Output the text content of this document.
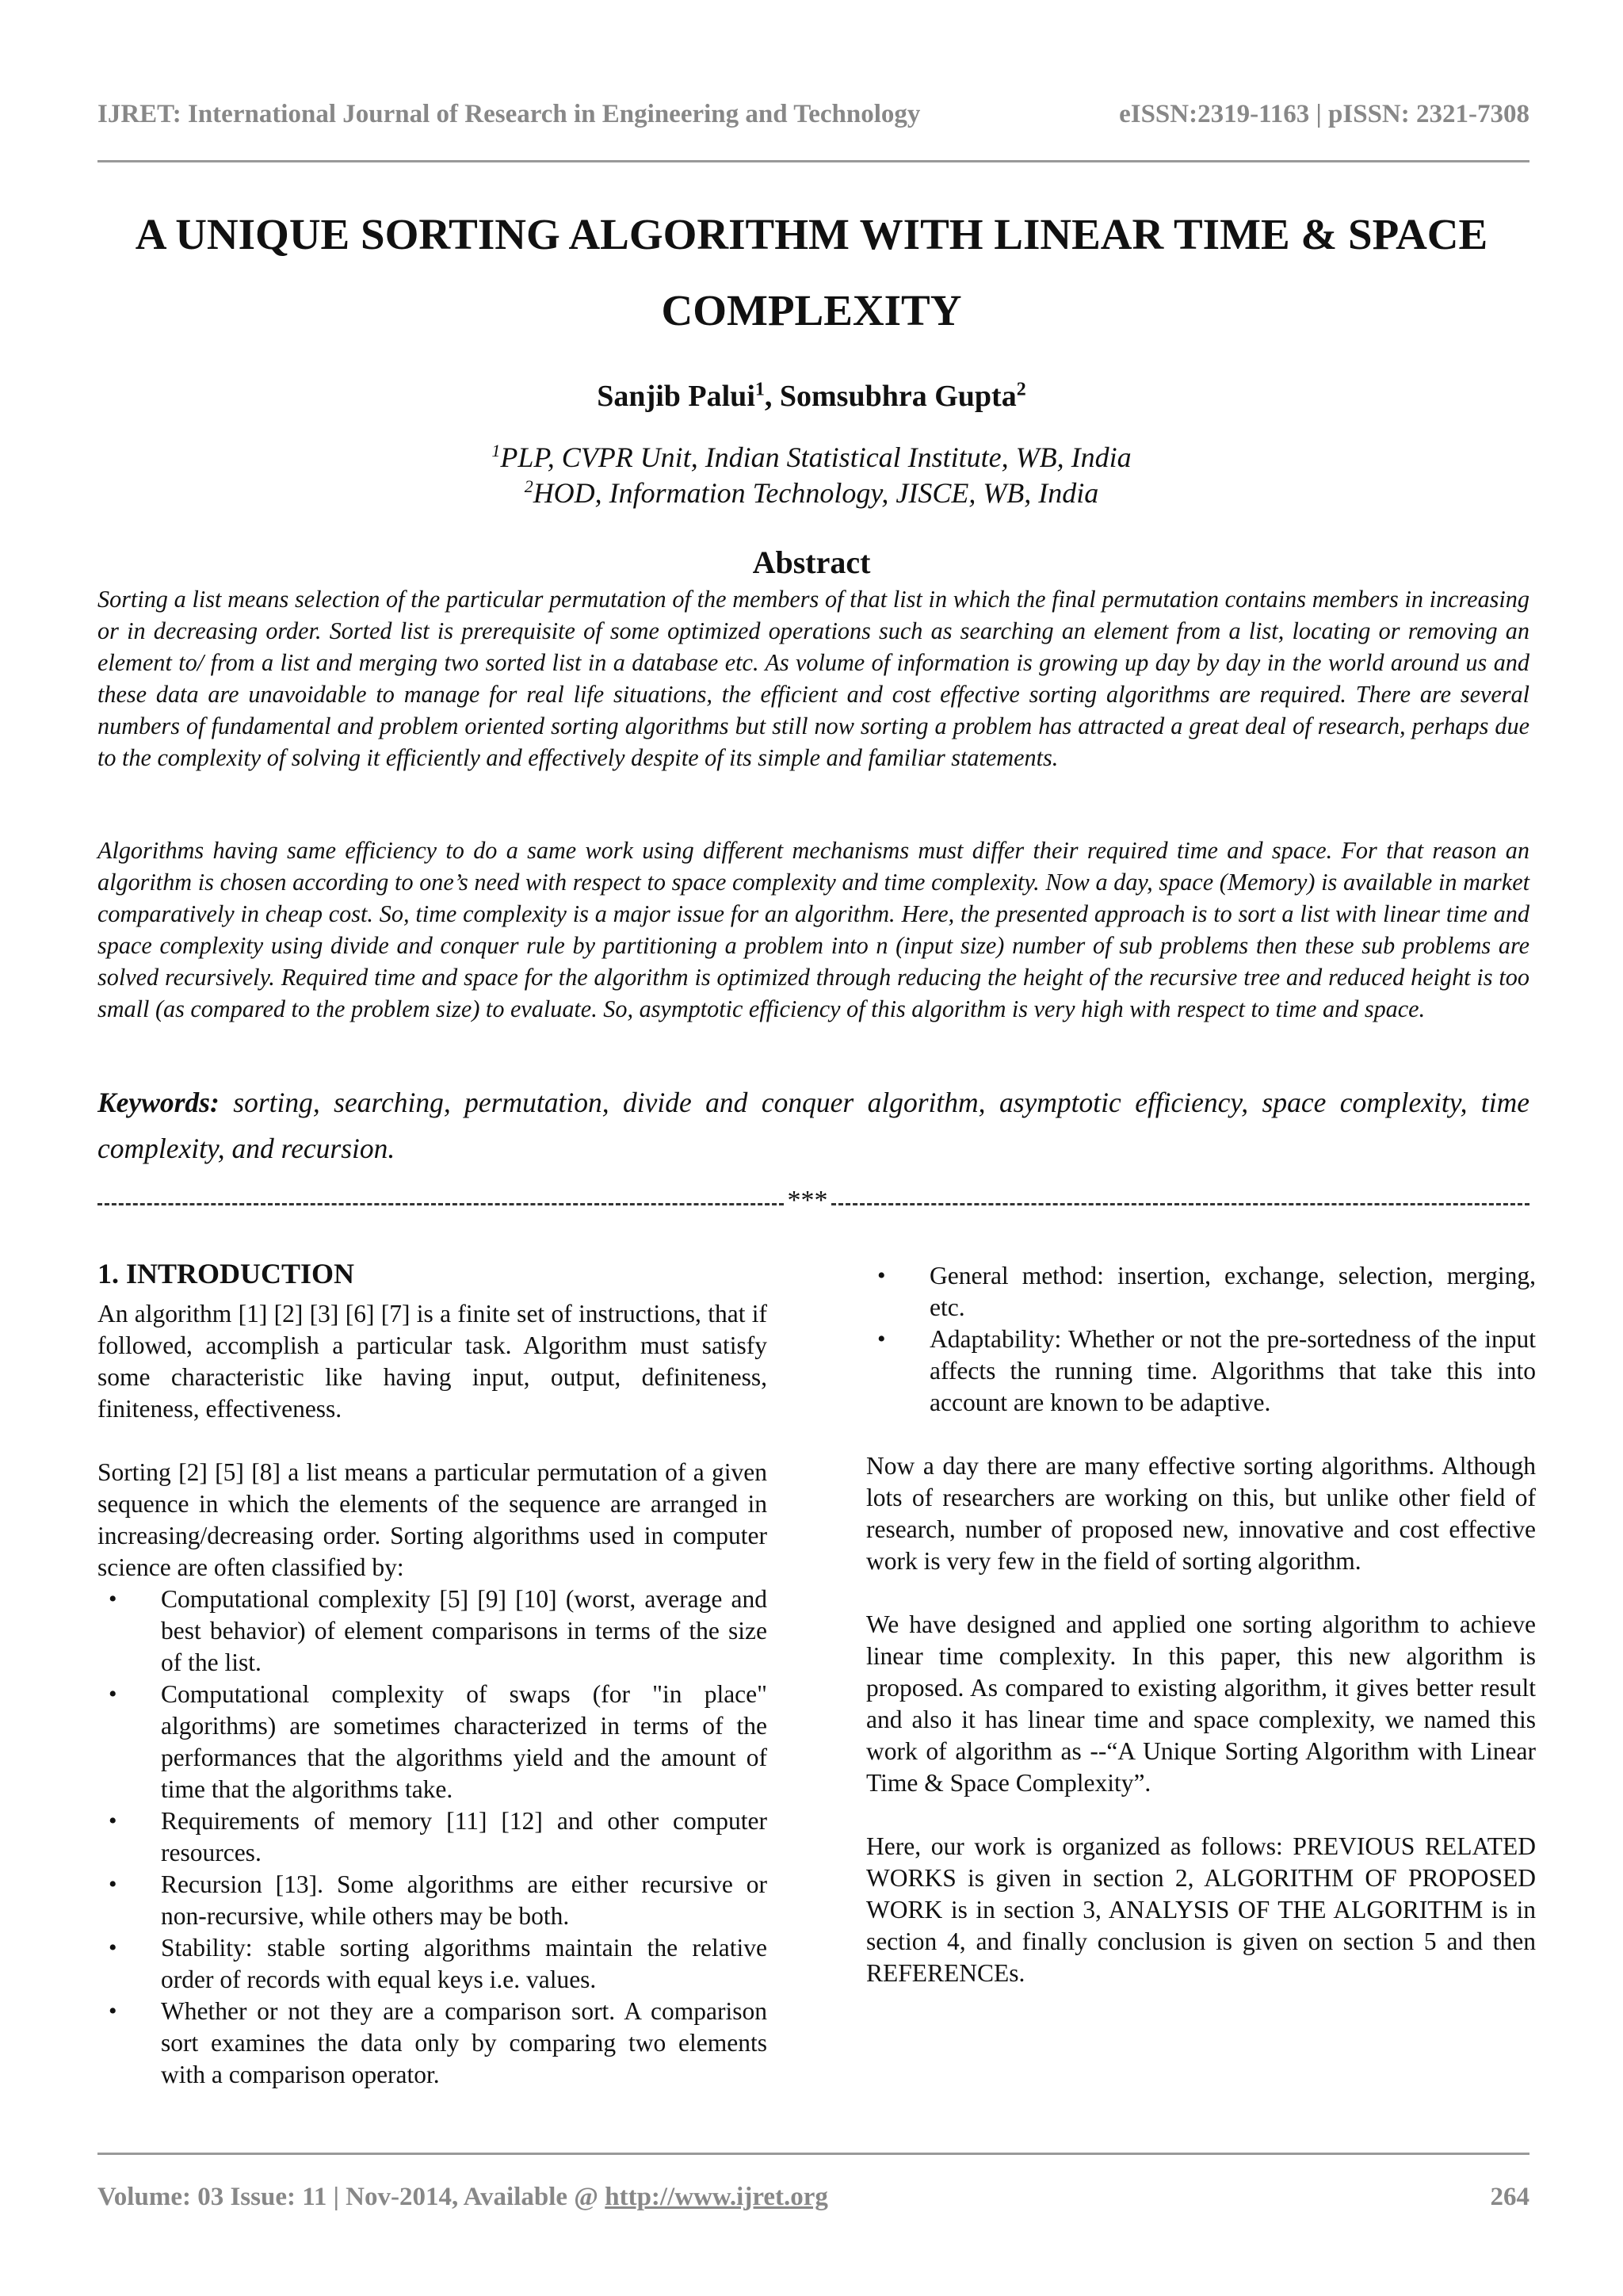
IJRET: International Journal of Research in Engineering and Technology	eISSN:2319-1163 | pISSN: 2321-7308
A UNIQUE SORTING ALGORITHM WITH LINEAR TIME & SPACE COMPLEXITY
Sanjib Palui$^1$, Somsubhra Gupta$^2$
$^1$PLP, CVPR Unit, Indian Statistical Institute, WB, India
$^2$HOD, Information Technology, JISCE, WB, India
Abstract

Sorting a list means selection of the particular permutation of the members of that list in which the final permutation contains members in increasing or in decreasing order. Sorted list is prerequisite of some optimized operations such as searching an element from a list, locating or removing an element to/ from a list and merging two sorted list in a database etc. As volume of information is growing up day by day in the world around us and these data are unavoidable to manage for real life situations, the efficient and cost effective sorting algorithms are required. There are several numbers of fundamental and problem oriented sorting algorithms but still now sorting a problem has attracted a great deal of research, perhaps due to the complexity of solving it efficiently and effectively despite of its simple and familiar statements.

Algorithms having same efficiency to do a same work using different mechanisms must differ their required time and space. For that reason an algorithm is chosen according to one’s need with respect to space complexity and time complexity. Now a day, space (Memory) is available in market comparatively in cheap cost. So, time complexity is a major issue for an algorithm. Here, the presented approach is to sort a list with linear time and space complexity using divide and conquer rule by partitioning a problem into n (input size) number of sub problems then these sub problems are solved recursively. Required time and space for the algorithm is optimized through reducing the height of the recursive tree and reduced height is too small (as compared to the problem size) to evaluate. So, asymptotic efficiency of this algorithm is very high with respect to time and space.

Keywords: sorting, searching, permutation, divide and conquer algorithm, asymptotic efficiency, space complexity, time complexity, and recursion.
***
1. INTRODUCTION

An algorithm [1] [2] [3] [6] [7] is a finite set of instructions, that if followed, accomplish a particular task. Algorithm must satisfy some characteristic like having input, output, definiteness, finiteness, effectiveness.

Sorting [2] [5] [8] a list means a particular permutation of a given sequence in which the elements of the sequence are arranged in increasing/decreasing order. Sorting algorithms used in computer science are often classified by:

• Computational complexity [5] [9] [10] (worst, average and best behavior) of element comparisons in terms of the size of the list.
• Computational complexity of swaps (for "in place" algorithms) are sometimes characterized in terms of the performances that the algorithms yield and the amount of time that the algorithms take.
• Requirements of memory [11] [12] and other computer resources.
• Recursion [13]. Some algorithms are either recursive or non-recursive, while others may be both.
• Stability: stable sorting algorithms maintain the relative order of records with equal keys i.e. values.
• Whether or not they are a comparison sort. A comparison sort examines the data only by comparing two elements with a comparison operator.
• General method: insertion, exchange, selection, merging, etc.
• Adaptability: Whether or not the pre-sortedness of the input affects the running time. Algorithms that take this into account are known to be adaptive.

Now a day there are many effective sorting algorithms. Although lots of researchers are working on this, but unlike other field of research, number of proposed new, innovative and cost effective work is very few in the field of sorting algorithm.

We have designed and applied one sorting algorithm to achieve linear time complexity. In this paper, this new algorithm is proposed. As compared to existing algorithm, it gives better result and also it has linear time and space complexity, we named this work of algorithm as --“A Unique Sorting Algorithm with Linear Time & Space Complexity”.

Here, our work is organized as follows: PREVIOUS RELATED WORKS is given in section 2, ALGORITHM OF PROPOSED WORK is in section 3, ANALYSIS OF THE ALGORITHM is in section 4, and finally conclusion is given on section 5 and then REFERENCEs.

Volume: 03 Issue: 11 | Nov-2014, Available @ http://www.ijret.org	264
